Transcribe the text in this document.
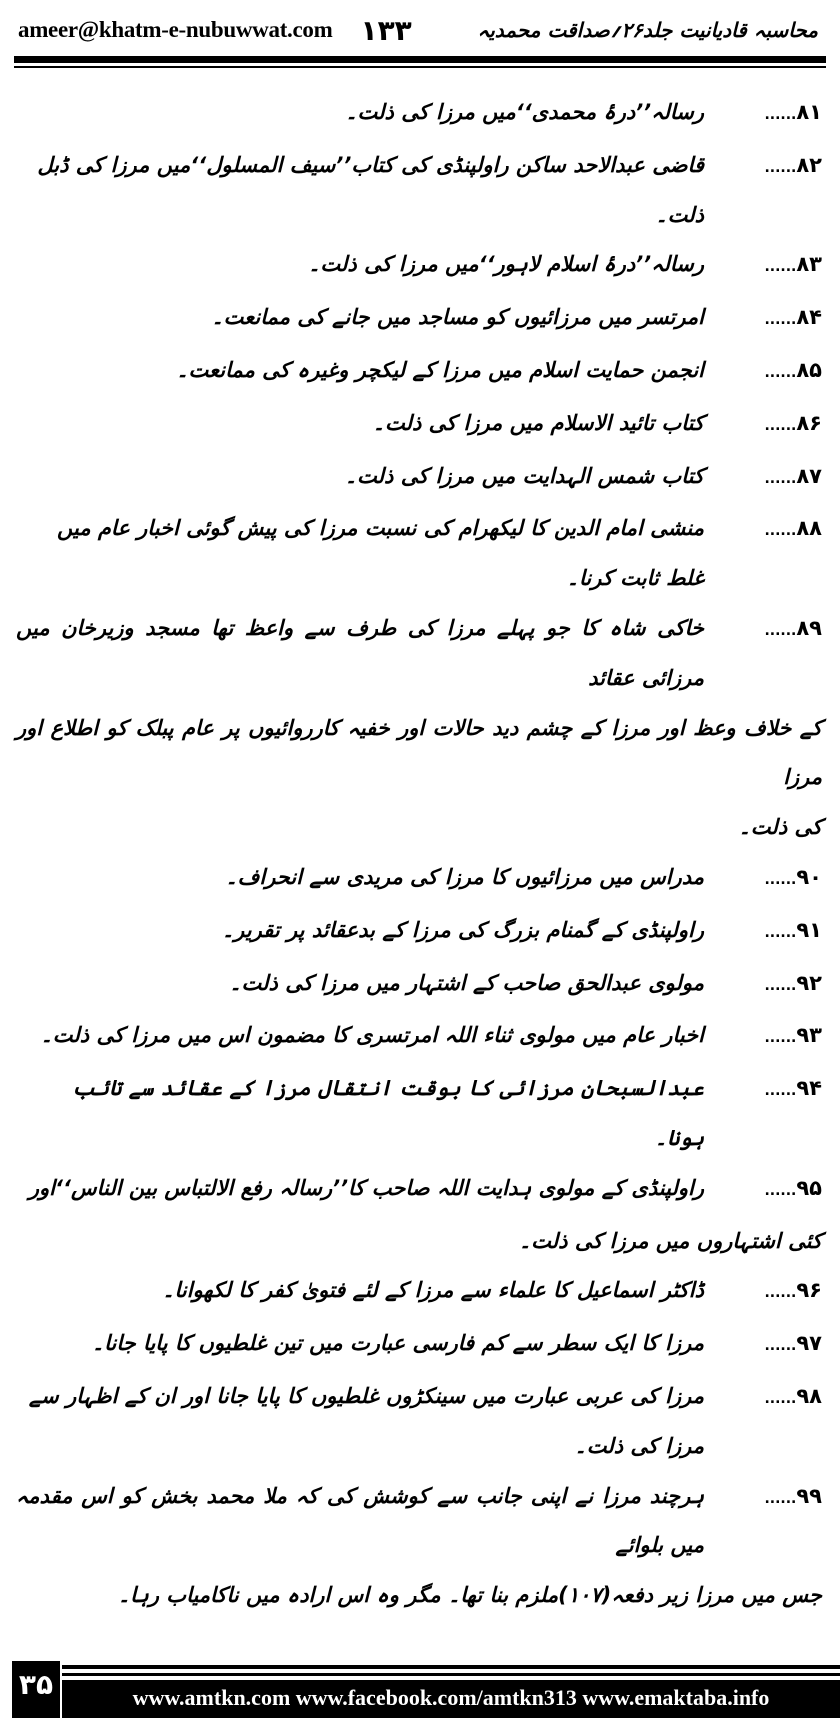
ameer@khatm-e-nubuwwat.com ۱۳۳	محاسبہ قادیانیت جلد۲۶؍صداقت محمدیہ
۸۱......
رسالہ’’درۂ محمدی‘‘میں مرزا کی ذلت۔
۸۲......
قاضی عبدالاحد ساکن راولپنڈی کی کتاب’’سیف المسلول‘‘میں مرزا کی ڈبل ذلت۔
۸۳......
رسالہ’’درۂ اسلام لاہور‘‘میں مرزا کی ذلت۔
۸۴......
امرتسر میں مرزائیوں کو مساجد میں جانے کی ممانعت۔
۸۵......
انجمن حمایت اسلام میں مرزا کے لیکچر وغیرہ کی ممانعت۔
۸۶......
کتاب تائید الاسلام میں مرزا کی ذلت۔
۸۷......
کتاب شمس الہدایت میں مرزا کی ذلت۔
۸۸......
منشی امام الدین کا لیکھرام کی نسبت مرزا کی پیش گوئی اخبار عام میں غلط ثابت کرنا۔
۸۹......
خاکی شاہ کا جو پہلے مرزا کی طرف سے واعظ تھا مسجد وزیرخان میں مرزائی عقائد
کے خلاف وعظ اور مرزا کے چشم دید حالات اور خفیہ کارروائیوں پر عام پبلک کو اطلاع اور مرزا
کی ذلت۔
۹۰......
مدراس میں مرزائیوں کا مرزا کی مریدی سے انحراف۔
۹۱......
راولپنڈی کے گمنام بزرگ کی مرزا کے بدعقائد پر تقریر۔
۹۲......
مولوی عبدالحق صاحب کے اشتہار میں مرزا کی ذلت۔
۹۳......
اخبار عام میں مولوی ثناء اللہ امرتسری کا مضمون اس میں مرزا کی ذلت۔
۹۴......
عبدالسبحان مرزائی کا بوقت انتقال مرزا کے عقائد سے تائب ہونا۔
۹۵......
راولپنڈی کے مولوی ہدایت اللہ صاحب کا’’رسالہ رفع الالتباس بین الناس‘‘اور
کئی اشتہاروں میں مرزا کی ذلت۔
۹۶......
ڈاکٹر اسماعیل کا علماء سے مرزا کے لئے فتویٰ کفر کا لکھوانا۔
۹۷......
مرزا کا ایک سطر سے کم فارسی عبارت میں تین غلطیوں کا پایا جانا۔
۹۸......
مرزا کی عربی عبارت میں سینکڑوں غلطیوں کا پایا جانا اور ان کے اظہار سے مرزا کی ذلت۔
۹۹......
ہرچند مرزا نے اپنی جانب سے کوشش کی کہ ملا محمد بخش کو اس مقدمہ میں بلوائے
جس میں مرزا زیر دفعہ(۱۰۷)ملزم بنا تھا۔ مگر وہ اس ارادہ میں ناکامیاب رہا۔
۳۵	www.amtkn.com www.facebook.com/amtkn313 www.emaktaba.info
